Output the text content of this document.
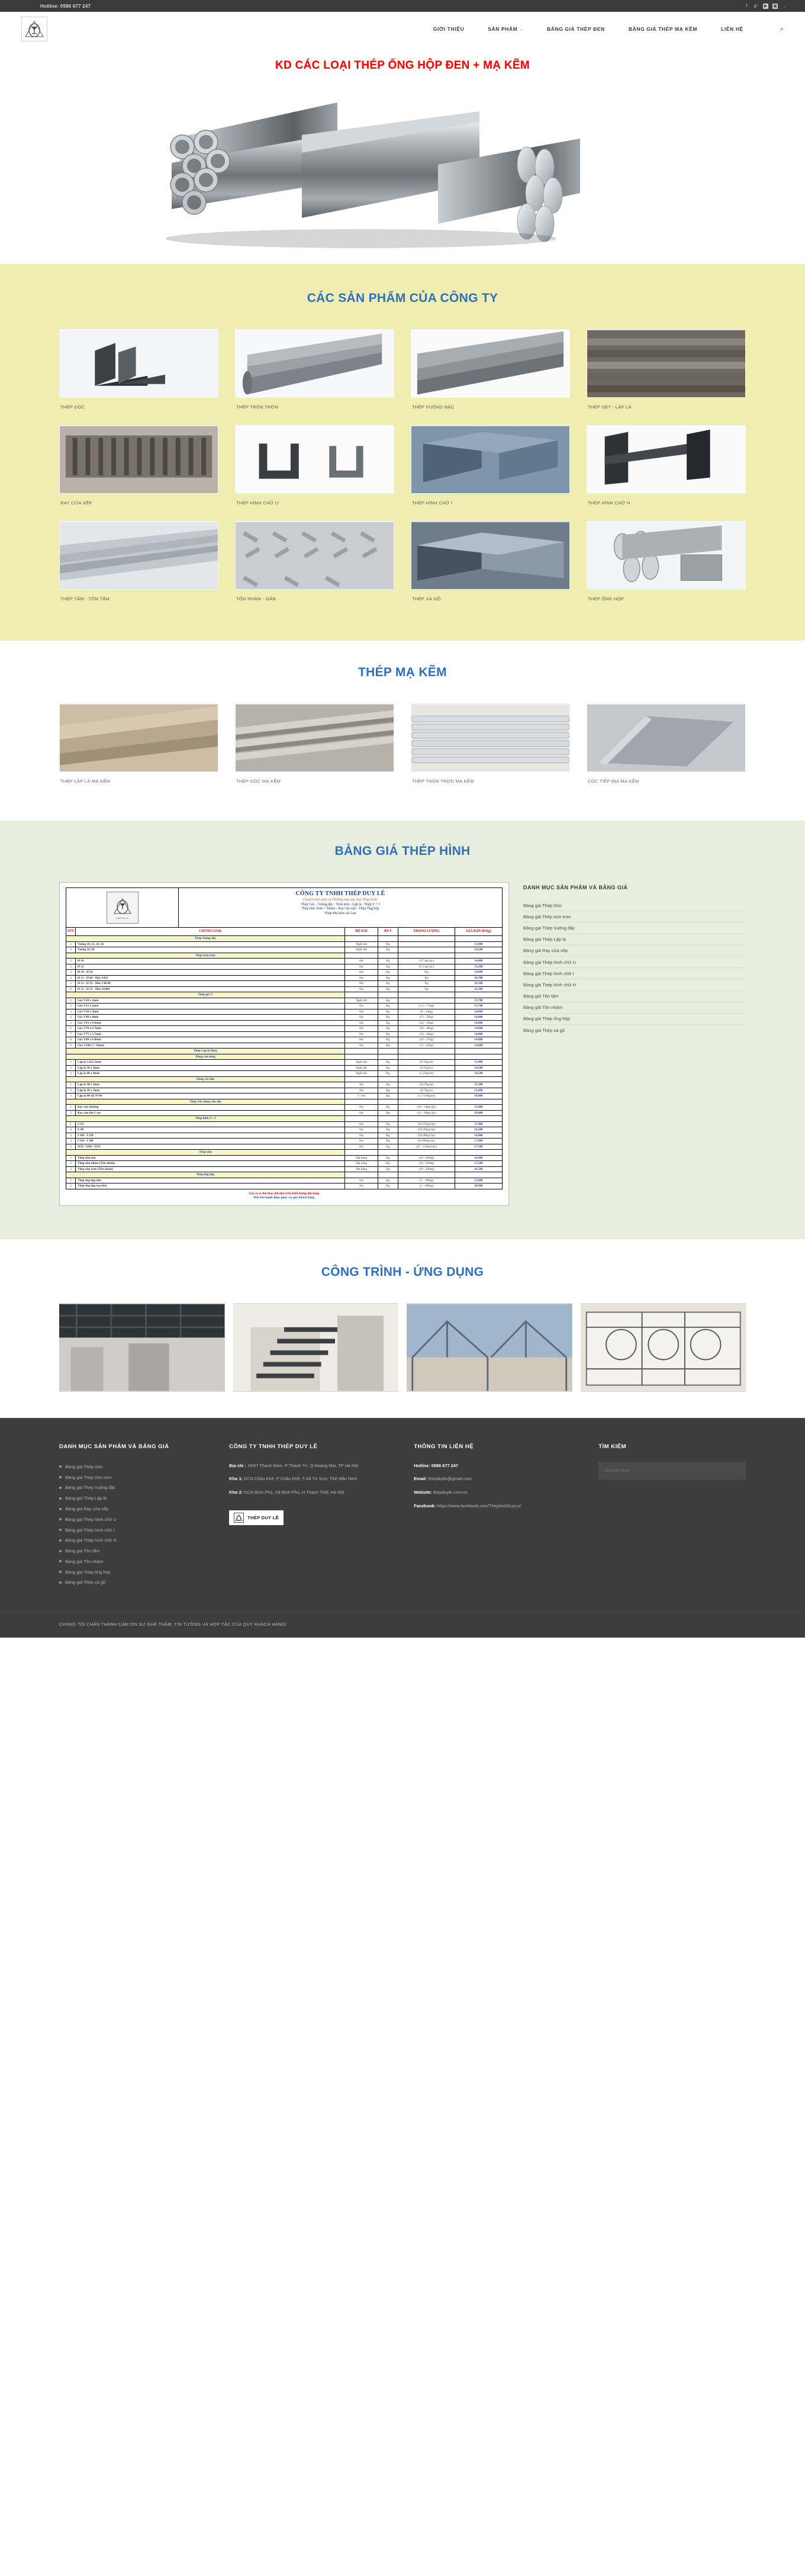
Hotline: 0986 677 247	f	g⁺ ▶ ▣	◞
GIỚI THIỆU	SẢN PHẨM ⌄	BẢNG GIÁ THÉP ĐEN	BẢNG GIÁ THÉP MẠ KẼM	LIÊN HỆ	⌕
KD CÁC LOẠI THÉP ỐNG HỘP ĐEN + MẠ KẼM
CÁC SẢN PHẨM CỦA CÔNG TY
THÉP GÓC	THÉP TRÒN TRƠN	THÉP VUÔNG ĐẶC	THÉP DẸT - LẬP LÀ
RAY CỬA XẾP	THÉP HÌNH CHỮ U	THÉP HÌNH CHỮ I	THÉP HÌNH CHỮ H
THÉP TẤM - TÔN TẤM	TÔN NHÁM - GÂN	THÉP XÀ GỒ	THÉP ỐNG HỘP
THÉP MẠ KẼM
THÉP LẬP LÀ MẠ KẼM	THÉP GÓC MẠ KẼM	THÉP TRÒN TRƠN MẠ KẼM	CỌC TIẾP ĐỊA MẠ KẼM
BẢNG GIÁ THÉP HÌNH
THÉP DUY LÊ
CÔNG TY TNHH THÉP DUY LÊ
Chuyên Sản xuất và Thương mại các loại Thép hình:
Thép Góc - Vuông đặc - Tròn trơn - Lập là - Thép U + I
Thép tấm Trơn + Nhám - Ray cửa xếp - Thép Ống hộp
Thép Mạ kẽm các loại
STT	CHỦNG LOẠI	ĐỘ DÀI	ĐVT	TRỌNG LƯỢNG	GIÁ BÁN (Đ/kg)
Thép Vuông đặc					
1	Vuông 10, 12, 14, 16	Ngắn dài	Kg		13,800
2	Vuông 18, 20	Ngắn dài	Kg		14,200
Thép tròn trơn					
1	Ø 10	6m	Kg	(3.7 kg/cây)	14,400
2	Ø 12	6m	Kg	(5.3 kg/cây)	14,200
3	Ø 14 - Ø 24	6m	Kg	Kg	14,000
4	Ø 12 - Ø 60 - Mác S45C	6m	Kg	Kg	18,700
5	Ø 12 - Ø 32 - Mác CB240	6m	Kg	Kg	16,300
6	Ø 12 - Ø 32 - Mác SS400	6m	Kg	Kg	16,300
Thép góc V					
1	Góc V20 x 2mm	Ngắn dài	Kg		13,700
2	Góc V25 x 2mm	6m	Kg	(5.5 - 7.5kg)	13,700
3	Góc V30 x 3mm	6m	Kg	(8 - 14kg)	14,000
4	Góc V40 x 4mm	6m	Kg	(13 - 23kg)	14,000
5	Góc V63 x 4-6mm	6m	Kg	(24 - 33kg)	14,000
6	Góc V70 x 6-7mm	6m	Kg	(30 - 40kg)	14,800
7	Góc V75 x 5-7mm	6m	Kg	(34 - 44kg)	14,800
8	Góc V80 x 6-8mm	6m	Kg	(43 - 57kg)	14,800
9	Góc V100 x 7-10mm	6m	Kg	(71 - 87kg)	14,800
Thép Lập là (Dẹt)					
Hàng cán nóng					
1	Lập là 1.8x2.5mm	Ngắn dài	Kg	(0.35kg/m)	15,000
2	Lập là 30 x 3mm	Ngắn dài	Kg	(0.7kg/m)	14,500
3	Lập là 40 x 4mm	Ngắn dài	Kg	(1.25kg/m)	14,500
Hàng cắt tấm					
1	Lập là 30 x 2mm	9m	Kg	(0.47kg/m)	15,200
2	Lập là 30 x 3mm	9m	Kg	(0.7kg/m)	15,000
3	Lập là 40 tới 70-80	3 - 6m	Kg	(1.3-3.8kg/m)	18,800
Thép Xây dựng vằn xếp					
1	Ray cửa thường	6m	Kg	(10 - 14kg/cây)	15,000
2	Ray cửa tôn I cao	6m	Kg	(13 - 18kg/cây)	18,000
Thép hình U - I					
1	U 65	6m	Kg	(26-37kg/cây)	17,400
2	U 80	6m	Kg	(24-26kg/cây)	16,200
3	I 100 - I 120	6m	Kg	(34-46kg/cây)	16,000
4	I 150 - I 180	6m	Kg	(56-80kg/cây)	17,000
5	I150 - I200 - I250	6m	Kg	(47 - 150kg/cây)	17,500
Thép tấm					
1	Thép tấm đen	Dạt băng	Kg	(10 - 200kg)	18,000
2	Thép tấm nhám (Tôn nhám)	Dạt băng	Kg	(10 - 200kg)	17,500
3	Thép tấm trơn (Tôn nhám)	Dạt băng	Kg	(10 - 200kg)	16,500
Thép ống hộp					
1	Thép ống hộp đen	6m	Kg	(1 - 100kg)	15,000
2	Thép ống hộp mạ kẽm	6m	Kg	(1 - 100kg)	20,000
Giá cả có thể thay đổi dựa trên khối lượng đặt hàng
Rất hân hạnh được phục vụ quý khách hàng
DANH MỤC SẢN PHẨM VÀ BẢNG GIÁ
Bảng giá Thép Góc
Bảng giá Thép tròn trơn
Bảng giá Thép Vuông đặc
Bảng giá Thép Lập là
Bảng giá Ray cửa xếp
Bảng giá Thép hình chữ U
Bảng giá Thép hình chữ I
Bảng giá Thép hình chữ H
Bảng giá Tôn tấm
Bảng giá Tôn nhám
Bảng giá Thép ống hộp
Bảng giá Thép xà gồ
CÔNG TRÌNH - ỨNG DỤNG
DANH MỤC SẢN PHẨM VÀ BẢNG GIÁ
Bảng giá Thép Góc
Bảng giá Thép tròn trơn
Bảng giá Thép Vuông đặc
Bảng giá Thép Lập là
Bảng giá Ray cửa xếp
Bảng giá Thép hình chữ U
Bảng giá Thép hình chữ I
Bảng giá Thép hình chữ H
Bảng giá Tôn tấm
Bảng giá Tôn nhám
Bảng giá Thép ống hộp
Bảng giá Thép xà gồ
CÔNG TY TNHH THÉP DUY LÊ

Địa chỉ : 194/7 Thanh Đàm, P Thanh Trì, Q Hoàng Mai, TP Hà Nội

Kho 1: KCN Châu Khê, P Châu Khê, T.Xã Từ Sơn, Tỉnh Bắc Ninh.

Kho 2: KCN Bình Phú, Xã Bình Phú, H Thạch Thất, Hà Nội

THÉP DUY LÊ
THÔNG TIN LIÊN HỆ

Hotline: 0986 677 247

Email: thepduyle@gmail.com

Website: thepduyle.com.vn

Facebook: https://www.facebook.com/ThephinhDuyLe/

TÌM KIẾM
Search here

CHÚNG TÔI CHÂN THÀNH CẢM ƠN SỰ GHÉ THĂM, TIN TƯỞNG VÀ HỢP TÁC CỦA QUÝ KHÁCH HÀNG!
